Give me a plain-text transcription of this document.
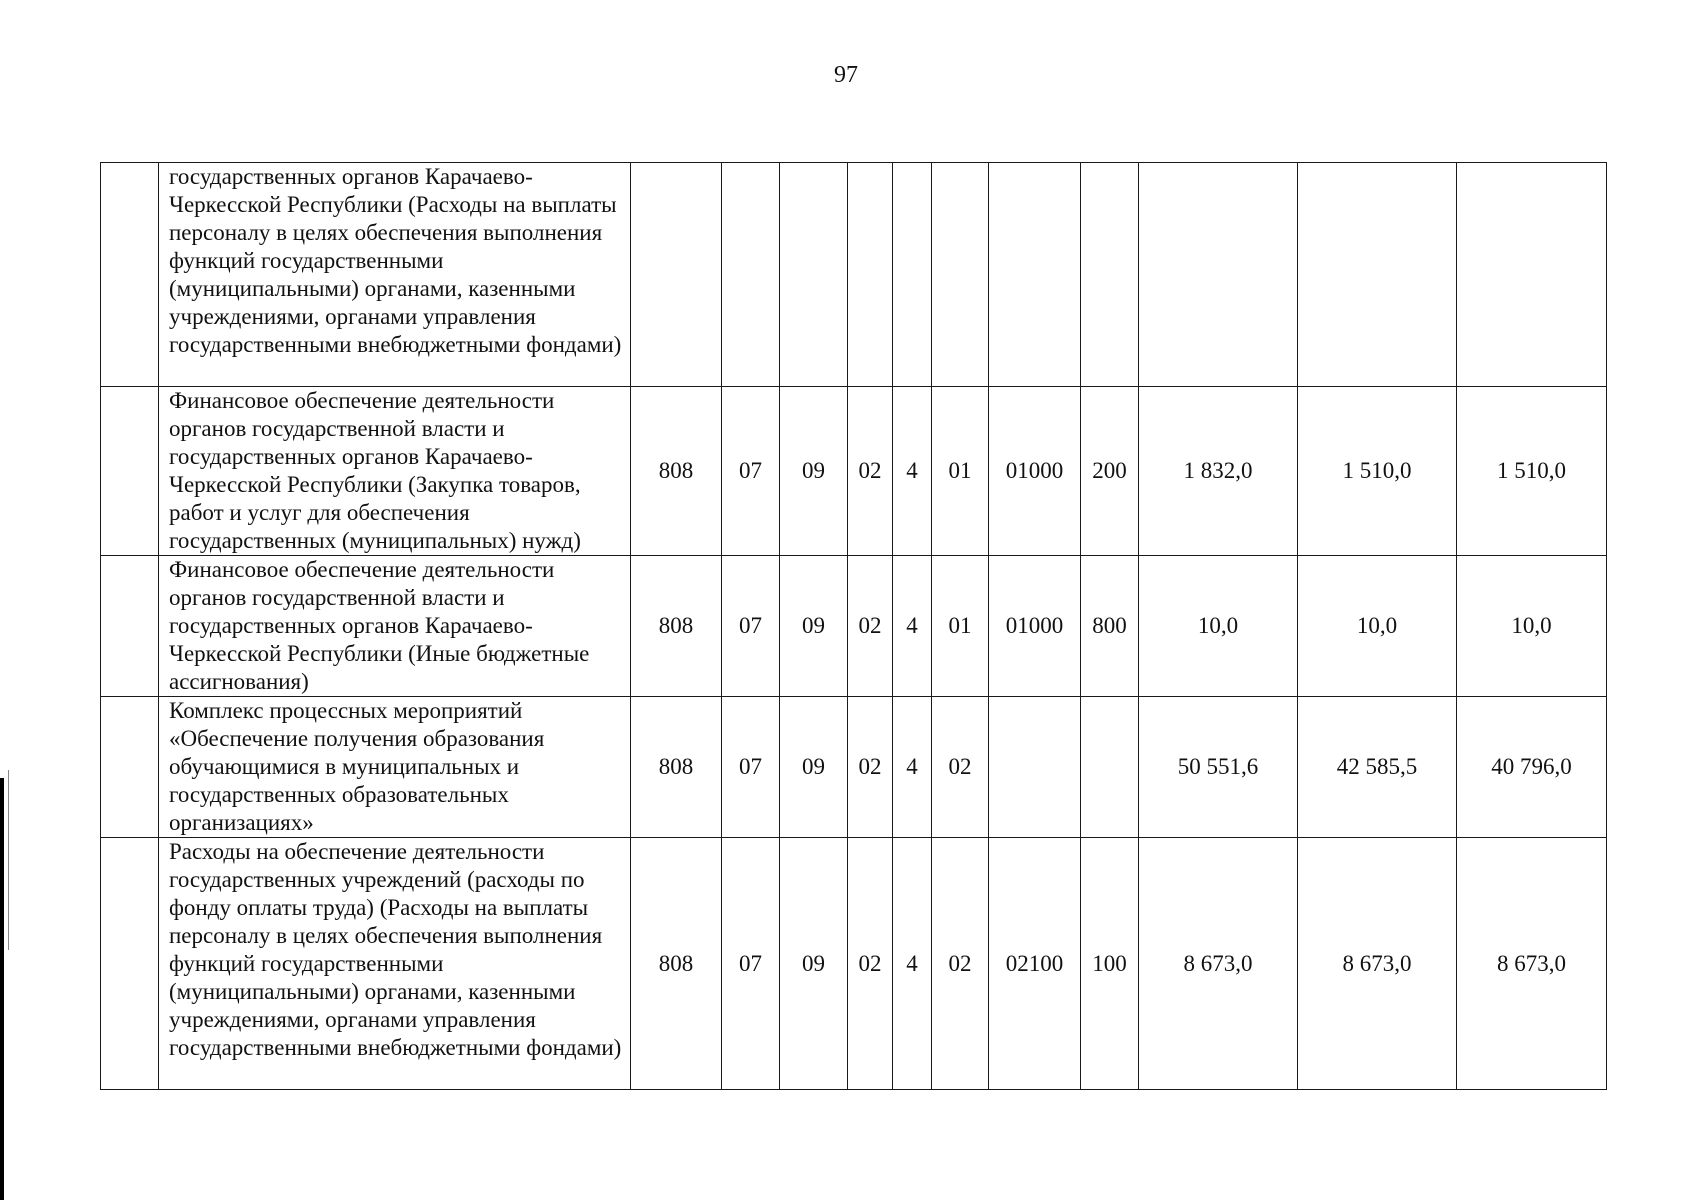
97
	государственных органов Карачаево-Черкесской Республики (Расходы на выплаты персоналу в целях обеспечения выполнения функций государственными (муниципальными) органами, казенными учреждениями, органами управления государственными внебюджетными фондами)											
	Финансовое обеспечение деятельности органов государственной власти и государственных органов Карачаево-Черкесской Республики (Закупка товаров, работ и услуг для обеспечения государственных (муниципальных) нужд)	808	07	09	02	4	01	01000	200	1 832,0	1 510,0	1 510,0
	Финансовое обеспечение деятельности органов государственной власти и государственных органов Карачаево-Черкесской Республики (Иные бюджетные ассигнования)	808	07	09	02	4	01	01000	800	10,0	10,0	10,0
	Комплекс процессных мероприятий «Обеспечение получения образования обучающимися в муниципальных и государственных образовательных организациях»	808	07	09	02	4	02			50 551,6	42 585,5	40 796,0
	Расходы на обеспечение деятельности государственных учреждений (расходы по фонду оплаты труда) (Расходы на выплаты персоналу в целях обеспечения выполнения функций государственными (муниципальными) органами, казенными учреждениями, органами управления государственными внебюджетными фондами)	808	07	09	02	4	02	02100	100	8 673,0	8 673,0	8 673,0
